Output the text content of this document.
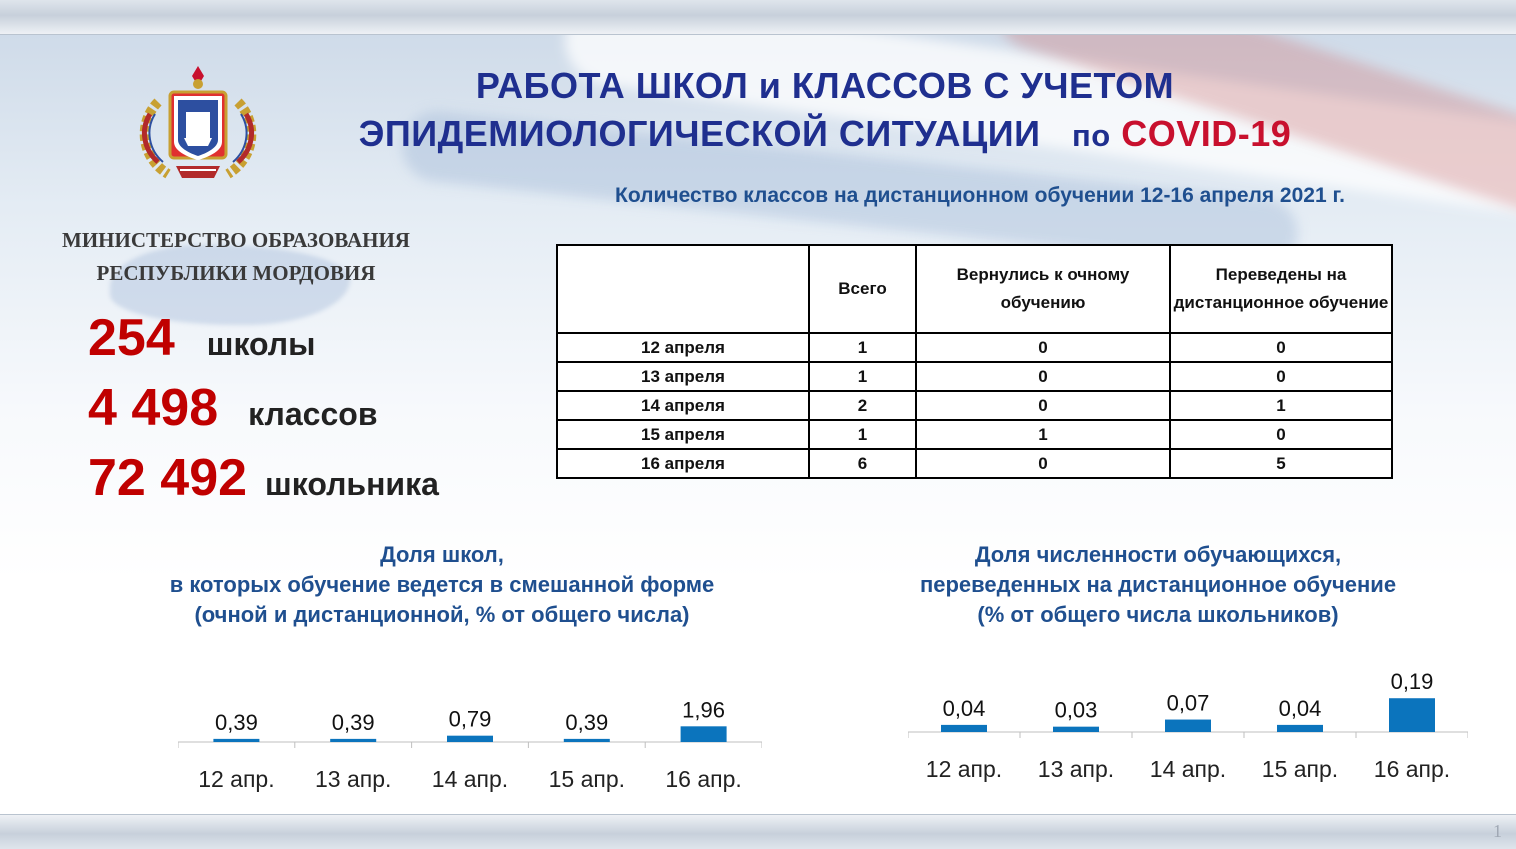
МИНИСТЕРСТВО ОБРАЗОВАНИЯ
РЕСПУБЛИКИ МОРДОВИЯ
РАБОТА ШКОЛ и КЛАССОВ С УЧЕТОМ
ЭПИДЕМИОЛОГИЧЕСКОЙ СИТУАЦИИ по COVID-19
Количество классов на дистанционном обучении 12-16 апреля 2021 г.
254 школы
4 498 классов
72 492 школьника
	Всего	Вернулись к очному обучению	Переведены на дистанционное обучение
12 апреля	1	0	0
13 апреля	1	0	0
14 апреля	2	0	1
15 апреля	1	1	0
16 апреля	6	0	5
Доля школ,
в которых обучение ведется в смешанной форме
(очной и дистанционной, % от общего числа)
Доля численности обучающихся,
переведенных на дистанционное обучение
(% от общего числа школьников)
0,39
12 апр.
0,39
13 апр.
0,79
14 апр.
0,39
15 апр.
1,96
16 апр.
0,04
12 апр.
0,03
13 апр.
0,07
14 апр.
0,04
15 апр.
0,19
16 апр.
1
